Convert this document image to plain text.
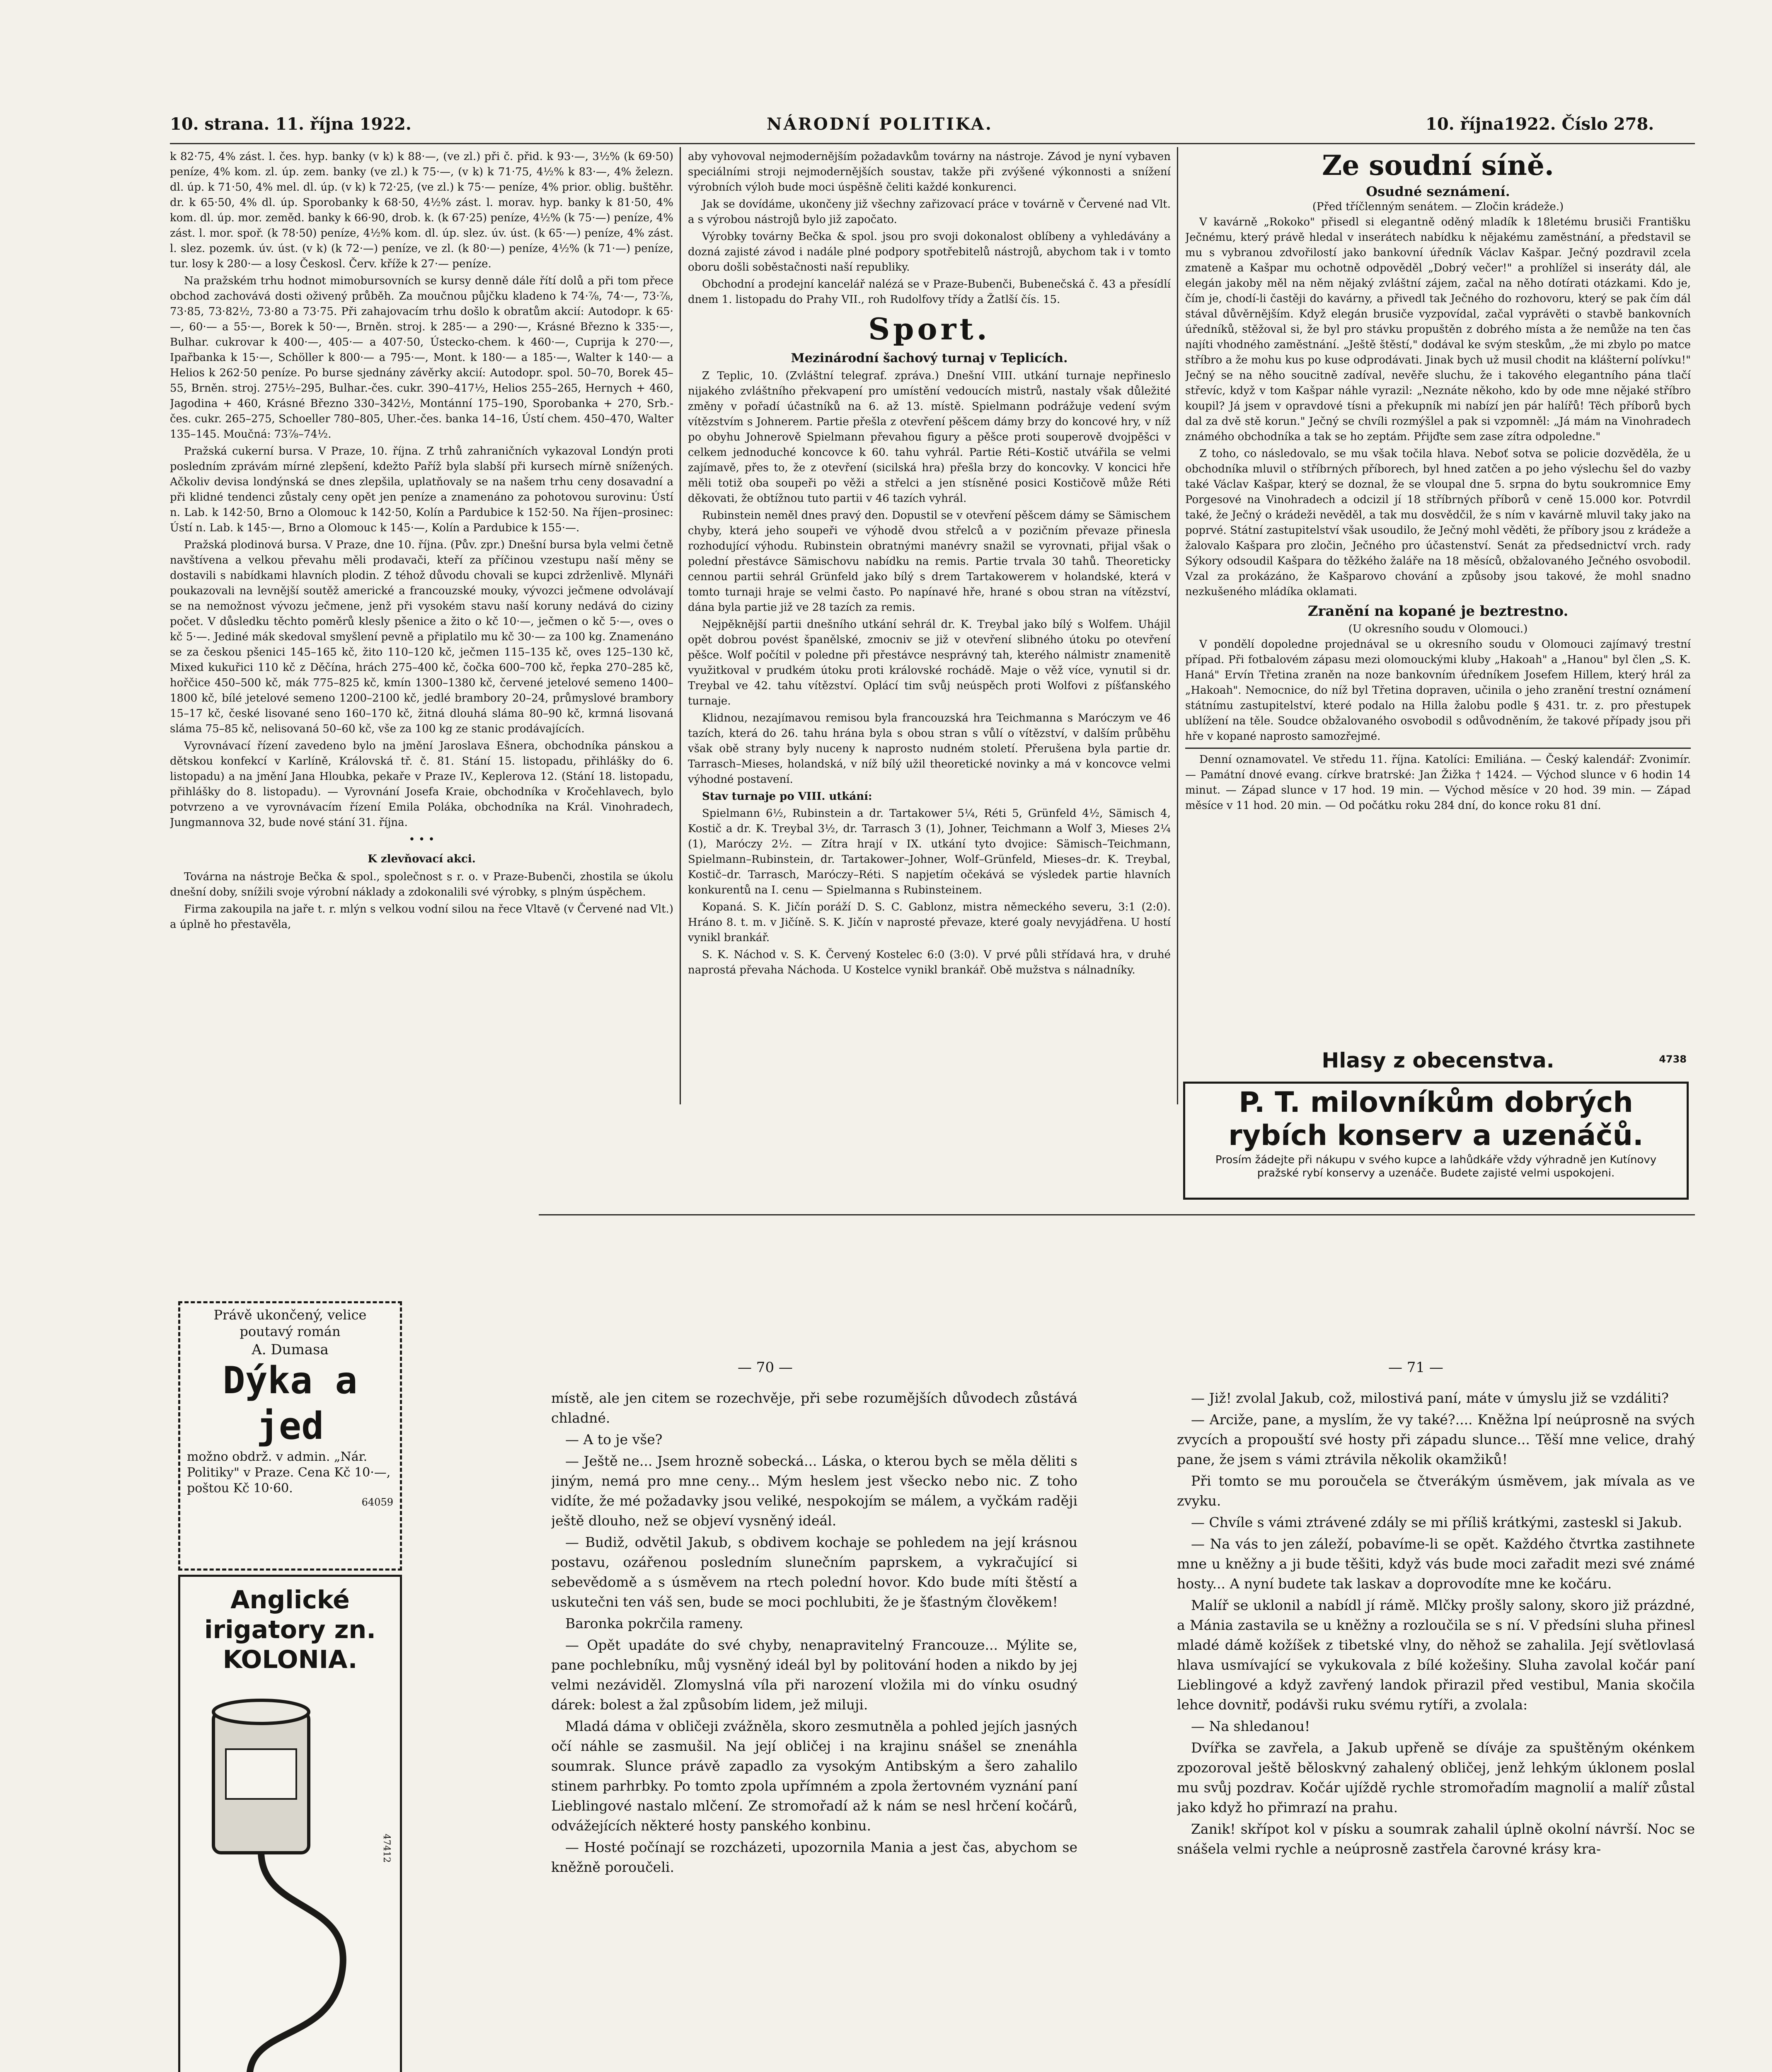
10. strana. 11. října 1922.	NÁRODNÍ POLITIKA.	10. října1922. Číslo 278.

k 82·75, 4% zást. l. čes. hyp. banky (v k) k 88·—, (ve zl.) při č. přid. k 93·—, 3½% (k 69·50) peníze, 4% kom. zl. úp. zem. banky (ve zl.) k 75·—, (v k) k 71·75, 4½% k 83·—, 4% železn. dl. úp. k 71·50, 4% mel. dl. úp. (v k) k 72·25, (ve zl.) k 75·— peníze, 4% prior. oblig. buštěhr. dr. k 65·50, 4% dl. úp. Sporobanky k 68·50, 4½% zást. l. morav. hyp. banky k 81·50, 4% kom. dl. úp. mor. zeměd. banky k 66·90, drob. k. (k 67·25) peníze, 4½% (k 75·—) peníze, 4% zást. l. mor. spoř. (k 78·50) peníze, 4½% kom. dl. úp. slez. úv. úst. (k 65·—) peníze, 4% zást. l. slez. pozemk. úv. úst. (v k) (k 72·—) peníze, ve zl. (k 80·—) peníze, 4½% (k 71·—) peníze, tur. losy k 280·— a losy Českosl. Červ. kříže k 27·— peníze.

Na pražském trhu hodnot mimobursovních se kursy denně dále řítí dolů a při tom přece obchod zachovává dosti oživený průběh. Za moučnou půjčku kladeno k 74·⅞, 74·—, 73·⅞, 73·85, 73·82½, 73·80 a 73·75. Při zahajovacím trhu došlo k obratům akcií: Autodopr. k 65·—, 60·— a 55·—, Borek k 50·—, Brněn. stroj. k 285·— a 290·—, Krásné Březno k 335·—, Bulhar. cukrovar k 400·—, 405·— a 407·50, Ústecko-chem. k 460·—, Cuprija k 270·—, Ipařbanka k 15·—, Schöller k 800·— a 795·—, Mont. k 180·— a 185·—, Walter k 140·— a Helios k 262·50 peníze. Po burse sjednány závěrky akcií: Autodopr. spol. 50–70, Borek 45–55, Brněn. stroj. 275½–295, Bulhar.-čes. cukr. 390–417½, Helios 255–265, Hernych + 460, Jagodina + 460, Krásné Březno 330–342½, Montánní 175–190, Sporobanka + 270, Srb.-čes. cukr. 265–275, Schoeller 780–805, Uher.-čes. banka 14–16, Ústí chem. 450–470, Walter 135–145. Moučná: 73⅞–74½.

Pražská cukerní bursa. V Praze, 10. října. Z trhů zahraničních vykazoval Londýn proti posledním zprávám mírné zlepšení, kdežto Paříž byla slabší při kursech mírně snížených. Ačkoliv devisa londýnská se dnes zlepšila, uplatňovaly se na našem trhu ceny dosavadní a při klidné tendenci zůstaly ceny opět jen peníze a znamenáno za pohotovou surovinu: Ústí n. Lab. k 142·50, Brno a Olomouc k 142·50, Kolín a Pardubice k 152·50. Na říjen–prosinec: Ústí n. Lab. k 145·—, Brno a Olomouc k 145·—, Kolín a Pardubice k 155·—.

Pražská plodinová bursa. V Praze, dne 10. října. (Pův. zpr.) Dnešní bursa byla velmi četně navštívena a velkou převahu měli prodavači, kteří za příčinou vzestupu naší měny se dostavili s nabídkami hlavních plodin. Z téhož důvodu chovali se kupci zdrženlivě. Mlynáři poukazovali na levnější soutěž americké a francouzské mouky, vývozci ječmene odvolávají se na nemožnost vývozu ječmene, jenž při vysokém stavu naší koruny nedává do ciziny počet. V důsledku těchto poměrů klesly pšenice a žito o kč 10·—, ječmen o kč 5·—, oves o kč 5·—. Jediné mák skedoval smyšlení pevně a připlatilo mu kč 30·— za 100 kg. Znamenáno se za českou pšenici 145–165 kč, žito 110–120 kč, ječmen 115–135 kč, oves 125–130 kč, Mixed kukuřici 110 kč z Děčína, hrách 275–400 kč, čočka 600–700 kč, řepka 270–285 kč, hořčice 450–500 kč, mák 775–825 kč, kmín 1300–1380 kč, červené jetelové semeno 1400–1800 kč, bílé jetelové semeno 1200–2100 kč, jedlé brambory 20–24, průmyslové brambory 15–17 kč, české lisované seno 160–170 kč, žitná dlouhá sláma 80–90 kč, krmná lisovaná sláma 75–85 kč, nelisovaná 50–60 kč, vše za 100 kg ze stanic prodávajících.

Vyrovnávací řízení zavedeno bylo na jmění Jaroslava Ešnera, obchodníka pánskou a dětskou konfekcí v Karlíně, Královská tř. č. 81. Stání 15. listopadu, přihlášky do 6. listopadu) a na jmění Jana Hloubka, pekaře v Praze IV., Keplerova 12. (Stání 18. listopadu, přihlášky do 8. listopadu). — Vyrovnání Josefa Kraie, obchodníka v Kročehlavech, bylo potvrzeno a ve vyrovnávacím řízení Emila Poláka, obchodníka na Král. Vinohradech, Jungmannova 32, bude nové stání 31. října.

• • •
K zlevňovací akci.

Továrna na nástroje Bečka & spol., společnost s r. o. v Praze-Bubenči, zhostila se úkolu dnešní doby, snížili svoje výrobní náklady a zdokonalili své výrobky, s plným úspěchem.

Firma zakoupila na jaře t. r. mlýn s velkou vodní silou na řece Vltavě (v Červené nad Vlt.) a úplně ho přestavěla,

aby vyhovoval nejmodernějším požadavkům továrny na nástroje. Závod je nyní vybaven speciálními stroji nejmodernějších soustav, takže při zvýšené výkonnosti a snížení výrobních výloh bude moci úspěšně čeliti každé konkurenci.

Jak se dovídáme, ukončeny již všechny zařizovací práce v továrně v Červené nad Vlt. a s výrobou nástrojů bylo již započato.

Výrobky továrny Bečka & spol. jsou pro svoji dokonalost oblíbeny a vyhledávány a dozná zajisté závod i nadále plné podpory spotřebitelů nástrojů, abychom tak i v tomto oboru došli soběstačnosti naší republiky.

Obchodní a prodejní kancelář nalézá se v Praze-Bubenči, Bubenečská č. 43 a přesídlí dnem 1. listopadu do Prahy VII., roh Rudolfovy třídy a Žatlší čís. 15.

Sport.
Mezinárodní šachový turnaj v Teplicích.

Z Teplic, 10. (Zvláštní telegraf. zpráva.) Dnešní VIII. utkání turnaje nepřineslo nijakého zvláštního překvapení pro umístění vedoucích mistrů, nastaly však důležité změny v pořadí účastníků na 6. až 13. místě. Spielmann podrážuje vedení svým vítězstvím s Johnerem. Partie přešla z otevření pěšcem dámy brzy do koncové hry, v níž po obyhu Johnerově Spielmann převahou figury a pěšce proti souperově dvojpěšci v celkem jednoduché koncovce k 60. tahu vyhrál. Partie Réti–Kostič utvářila se velmi zajímavě, přes to, že z otevření (sicilská hra) přešla brzy do koncovky. V koncici hře měli totiž oba soupeři po věži a střelci a jen stísněné posici Kostičově může Réti děkovati, že obtížnou tuto partii v 46 tazích vyhrál.

Rubinstein neměl dnes pravý den. Dopustil se v otevření pěšcem dámy se Sämischem chyby, která jeho soupeři ve výhodě dvou střelců a v pozičním převaze přinesla rozhodující výhodu. Rubinstein obratnými manévry snažil se vyrovnati, přijal však o polední přestávce Sämischovu nabídku na remis. Partie trvala 30 tahů. Theoreticky cennou partii sehrál Grünfeld jako bílý s drem Tartakowerem v holandské, která v tomto turnaji hraje se velmi často. Po napínavé hře, hrané s obou stran na vítězství, dána byla partie již ve 28 tazích za remis.

Nejpěknější partii dnešního utkání sehrál dr. K. Treybal jako bílý s Wolfem. Uhájil opět dobrou povést španělské, zmocniv se již v otevření slibného útoku po otevření pěšce. Wolf počítil v poledne při přestávce nesprávný tah, kterého nálmistr znamenitě využitkoval v prudkém útoku proti královské rochádě. Maje o věž více, vynutil si dr. Treybal ve 42. tahu vítězství. Oplácí tim svůj neúspěch proti Wolfovi z píšťanského turnaje.

Klidnou, nezajímavou remisou byla francouzská hra Teichmanna s Maróczym ve 46 tazích, která do 26. tahu hrána byla s obou stran s vůlí o vítězství, v dalším průběhu však obě strany byly nuceny k naprosto nudném století. Přerušena byla partie dr. Tarrasch–Mieses, holandská, v níž bílý užil theoretické novinky a má v koncovce velmi výhodné postavení.

Stav turnaje po VIII. utkání:

Spielmann 6½, Rubinstein a dr. Tartakower 5¼, Réti 5, Grünfeld 4½, Sämisch 4, Kostič a dr. K. Treybal 3½, dr. Tarrasch 3 (1), Johner, Teichmann a Wolf 3, Mieses 2¼ (1), Maróczy 2½. — Zítra hrají v IX. utkání tyto dvojice: Sämisch–Teichmann, Spielmann–Rubinstein, dr. Tartakower–Johner, Wolf–Grünfeld, Mieses–dr. K. Treybal, Kostič–dr. Tarrasch, Maróczy–Réti. S napjetím očekává se výsledek partie hlavních konkurentů na I. cenu — Spielmanna s Rubinsteinem.

Kopaná. S. K. Jičín poráží D. S. C. Gablonz, mistra německého severu, 3:1 (2:0). Hráno 8. t. m. v Jičíně. S. K. Jičín v naprosté převaze, které goaly nevyjádřena. U hostí vynikl brankář.

S. K. Náchod v. S. K. Červený Kostelec 6:0 (3:0). V prvé půli střídavá hra, v druhé naprostá převaha Náchoda. U Kostelce vynikl brankář. Obě mužstva s nálnadníky.

Ze soudní síně.
Osudné seznámení.
(Před tříčlenným senátem. — Zločin krádeže.)

V kavárně „Rokoko" přisedl si elegantně oděný mladík k 18letému brusiči Františku Ječnému, který právě hledal v inserátech nabídku k nějakému zaměstnání, a představil se mu s vybranou zdvořilostí jako bankovní úředník Václav Kašpar. Ječný pozdravil zcela zmateně a Kašpar mu ochotně odpověděl „Dobrý večer!" a prohlížel si inseráty dál, ale elegán jakoby měl na něm nějaký zvláštní zájem, začal na něho dotírati otázkami. Kdo je, čím je, chodí-li častěji do kavárny, a přivedl tak Ječného do rozhovoru, který se pak čím dál stával důvěrnějším. Když elegán brusiče vyzpovídal, začal vyprávěti o stavbě bankovních úředníků, stěžoval si, že byl pro stávku propuštěn z dobrého místa a že nemůže na ten čas najíti vhodného zaměstnání. „Ještě štěstí," dodával ke svým steskům, „že mi zbylo po matce stříbro a že mohu kus po kuse odprodávati. Jinak bych už musil chodit na klášterní polívku!" Ječný se na něho soucitně zadíval, nevěře sluchu, že i takového elegantního pána tlačí střevíc, když v tom Kašpar náhle vyrazil: „Neznáte někoho, kdo by ode mne nějaké stříbro koupil? Já jsem v opravdové tísni a překupník mi nabízí jen pár halířů! Těch příborů bych dal za dvě stě korun." Ječný se chvíli rozmýšlel a pak si vzpomněl: „Já mám na Vinohradech známého obchodníka a tak se ho zeptám. Přijďte sem zase zítra odpoledne."

Z toho, co následovalo, se mu však točila hlava. Neboť sotva se policie dozvěděla, že u obchodníka mluvil o stříbrných příborech, byl hned zatčen a po jeho výslechu šel do vazby také Václav Kašpar, který se doznal, že se vloupal dne 5. srpna do bytu soukromnice Emy Porgesové na Vinohradech a odcizil jí 18 stříbrných příborů v ceně 15.000 kor. Potvrdil také, že Ječný o krádeži nevěděl, a tak mu dosvědčil, že s ním v kavárně mluvil taky jako na poprvé. Státní zastupitelství však usoudilo, že Ječný mohl věděti, že příbory jsou z krádeže a žalovalo Kašpara pro zločin, Ječného pro účastenství. Senát za předsednictví vrch. rady Sýkory odsoudil Kašpara do těžkého žaláře na 18 měsíců, obžalovaného Ječného osvobodil. Vzal za prokázáno, že Kašparovo chování a způsoby jsou takové, že mohl snadno nezkušeného mládíka oklamati.

Zranění na kopané je beztrestno.
(U okresního soudu v Olomouci.)

V pondělí dopoledne projednával se u okresního soudu v Olomouci zajímavý trestní případ. Při fotbalovém zápasu mezi olomouckými kluby „Hakoah" a „Hanou" byl člen „S. K. Haná" Ervín Třetina zraněn na noze bankovním úředníkem Josefem Hillem, který hrál za „Hakoah". Nemocnice, do níž byl Třetina dopraven, učinila o jeho zranění trestní oznámení státnímu zastupitelství, které podalo na Hilla žalobu podle § 431. tr. z. pro přestupek ublížení na těle. Soudce obžalovaného osvobodil s odůvodněním, že takové případy jsou při hře v kopané naprosto samozřejmé.

Denní oznamovatel. Ve středu 11. října. Katolíci: Emiliána. — Český kalendář: Zvonimír. — Památní dnové evang. církve bratrské: Jan Žižka † 1424. — Východ slunce v 6 hodin 14 minut. — Západ slunce v 17 hod. 19 min. — Východ měsíce v 20 hod. 39 min. — Západ měsíce v 11 hod. 20 min. — Od počátku roku 284 dní, do konce roku 81 dní.

Hlasy z obecenstva.	4738
P. T. milovníkům dobrých
rybích konserv a uzenáčů.
Prosím žádejte při nákupu v svého kupce a lahůdkáře vždy výhradně jen Kutínovy pražské rybí konservy a uzenáče. Budete zajisté velmi uspokojeni.
Právě ukončený, velice poutavý román
A. Dumasa
Dýka a jed
možno obdrž. v admin. „Nár. Politiky" v Praze. Cena Kč 10·—, poštou Kč 10·60.
64059
Anglické irigatory zn. KOLONIA.
47412
— 70 —

místě, ale jen citem se rozechvěje, při sebe rozumějších důvodech zůstává chladné.

— A to je vše?

— Ještě ne... Jsem hrozně sobecká... Láska, o kterou bych se měla děliti s jiným, nemá pro mne ceny... Mým heslem jest všecko nebo nic. Z toho vidíte, že mé požadavky jsou veliké, nespokojím se málem, a vyčkám raději ještě dlouho, než se objeví vysněný ideál.

— Budiž, odvětil Jakub, s obdivem kochaje se pohledem na její krásnou postavu, ozářenou posledním slunečním paprskem, a vykračující si sebevědomě a s úsměvem na rtech polední hovor. Kdo bude míti štěstí a uskutečni ten váš sen, bude se moci pochlubiti, že je šťastným člověkem!

Baronka pokrčila rameny.

— Opět upadáte do své chyby, nenapravitelný Francouze... Mýlite se, pane pochlebníku, můj vysněný ideál byl by politování hoden a nikdo by jej velmi nezáviděl. Zlomyslná víla při narození vložila mi do vínku osudný dárek: bolest a žal způsobím lidem, jež miluji.

Mladá dáma v obličeji zvážněla, skoro zesmutněla a pohled jejích jasných očí náhle se zasmušil. Na její obličej i na krajinu snášel se znenáhla soumrak. Slunce právě zapadlo za vysokým Antibským a šero zahalilo stinem parhrbky. Po tomto zpola upřímném a zpola žertovném vyznání paní Lieblingové nastalo mlčení. Ze stromořadí až k nám se nesl hrčení kočárů, odvážejících některé hosty panského konbinu.

— Hosté počínají se rozcházeti, upozornila Mania a jest čas, abychom se kněžně poroučeli.

— 71 —

— Již! zvolal Jakub, což, milostivá paní, máte v úmyslu již se vzdáliti?

— Arciže, pane, a myslím, že vy také?.... Kněžna lpí neúprosně na svých zvycích a propouští své hosty při západu slunce... Těší mne velice, drahý pane, že jsem s vámi ztrávila několik okamžiků!

Při tomto se mu poroučela se čtverákým úsměvem, jak mívala as ve zvyku.

— Chvíle s vámi ztrávené zdály se mi příliš krátkými, zasteskl si Jakub.

— Na vás to jen záleží, pobavíme-li se opět. Každého čtvrtka zastihnete mne u kněžny a ji bude těšiti, když vás bude moci zařadit mezi své známé hosty... A nyní budete tak laskav a doprovodíte mne ke kočáru.

Malíř se uklonil a nabídl jí rámě. Mlčky prošly salony, skoro již prázdné, a Mánia zastavila se u kněžny a rozloučila se s ní. V předsíni sluha přinesl mladé dámě kožíšek z tibetské vlny, do něhož se zahalila. Její světlovlasá hlava usmívající se vykukovala z bílé kožešiny. Sluha zavolal kočár paní Lieblingové a když zavřený landok přirazil před vestibul, Mania skočila lehce dovnitř, podávši ruku svému rytíři, a zvolala:

— Na shledanou!

Dvířka se zavřela, a Jakub upřeně se díváje za spuštěným okénkem zpozoroval ještě běloskvný zahalený obličej, jenž lehkým úklonem poslal mu svůj pozdrav. Kočár ujíždě rychle stromořadím magnolií a malíř zůstal jako když ho přimrazí na prahu.

Zanik! skřípot kol v písku a soumrak zahalil úplně okolní návrší. Noc se snášela velmi rychle a neúprosně zastřela čarovné krásy kra-
